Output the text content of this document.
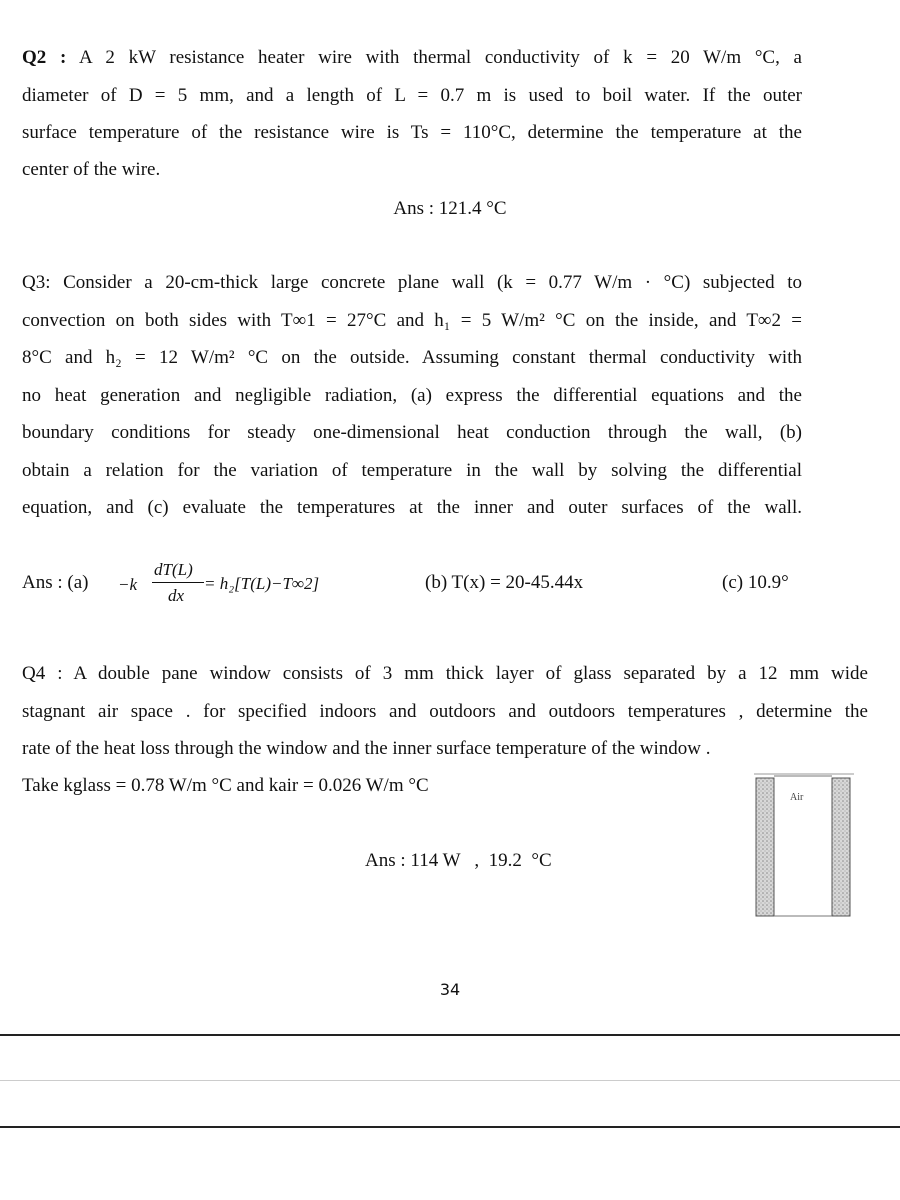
Q2 : A 2 kW resistance heater wire with thermal conductivity of k = 20 W/m °C, a
diameter of D = 5 mm, and a length of L = 0.7 m is used to boil water. If the outer
surface temperature of the resistance wire is Ts = 110°C, determine the temperature at the
center of the wire.
Ans : 121.4 °C
Q3: Consider a 20-cm-thick large concrete plane wall (k = 0.77 W/m · °C) subjected to
convection on both sides with T∞1 = 27°C and h₁ = 5 W/m² °C on the inside, and T∞2 =
8°C and h₂ = 12 W/m² °C on the outside. Assuming constant thermal conductivity with
no heat generation and negligible radiation, (a) express the differential equations and the
boundary conditions for steady one-dimensional heat conduction through the wall, (b)
obtain a relation for the variation of temperature in the wall by solving the differential
equation, and (c) evaluate the temperatures at the inner and outer surfaces of the wall.
Ans : (a) −k
dT(L)
dx
= h₂[T(L)−T∞2]	(b) T(x) = 20-45.44x	(c) 10.9°
Q4 : A double pane window consists of 3 mm thick layer of glass separated by a 12 mm wide
stagnant air space . for specified indoors and outdoors and outdoors temperatures , determine the
rate of the heat loss through the window and the inner surface temperature of the window .
Take kglass = 0.78 W/m °C and kair = 0.026 W/m °C
Air
Ans : 114 W   ,  19.2  °C
34
